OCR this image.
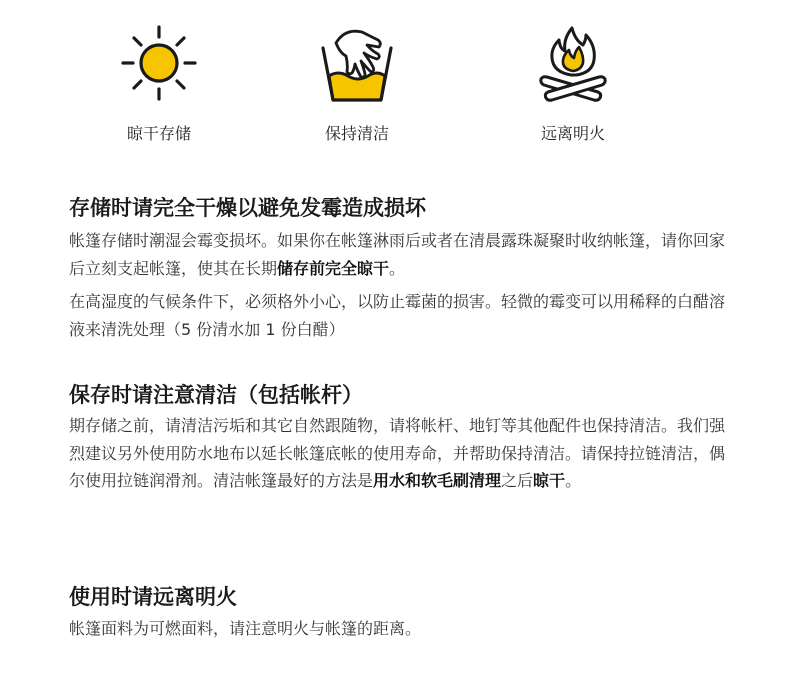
晾干存储	保持清洁	远离明火
存储时请完全干燥以避免发霉造成损坏

帐篷存储时潮湿会霉变损坏。如果你在帐篷淋雨后或者在清晨露珠凝聚时收纳帐篷，请你回家后立刻支起帐篷，使其在长期储存前完全晾干。

在高湿度的气候条件下，必须格外小心，以防止霉菌的损害。轻微的霉变可以用稀释的白醋溶液来清洗处理（5 份清水加 1 份白醋）

保存时请注意清洁（包括帐杆）

期存储之前，请清洁污垢和其它自然跟随物，请将帐杆、地钉等其他配件也保持清洁。我们强烈建议另外使用防水地布以延长帐篷底帐的使用寿命，并帮助保持清洁。请保持拉链清洁，偶尔使用拉链润滑剂。清洁帐篷最好的方法是用水和软毛刷清理之后晾干。

使用时请远离明火

帐篷面料为可燃面料，请注意明火与帐篷的距离。
